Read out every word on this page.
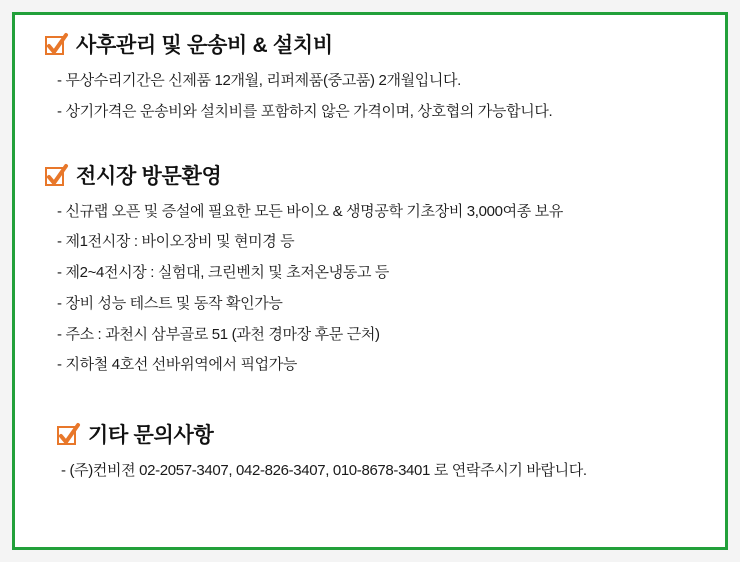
사후관리 및 운송비 & 설치비
- 무상수리기간은 신제품 12개월, 리퍼제품(중고품) 2개월입니다.
- 상기가격은 운송비와 설치비를 포함하지 않은 가격이며, 상호협의 가능합니다.
전시장 방문환영
- 신규랩 오픈 및 증설에 필요한 모든 바이오 & 생명공학 기초장비 3,000여종 보유
- 제1전시장 : 바이오장비 및 현미경 등
- 제2~4전시장 : 실험대, 크린벤치 및 초저온냉동고 등
- 장비 성능 테스트 및 동작 확인가능
- 주소 : 과천시 삼부골로 51 (과천 경마장 후문 근처)
- 지하철 4호선 선바위역에서 픽업가능
기타 문의사항
- (주)컨비젼 02-2057-3407, 042-826-3407, 010-8678-3401 로 연락주시기 바랍니다.
